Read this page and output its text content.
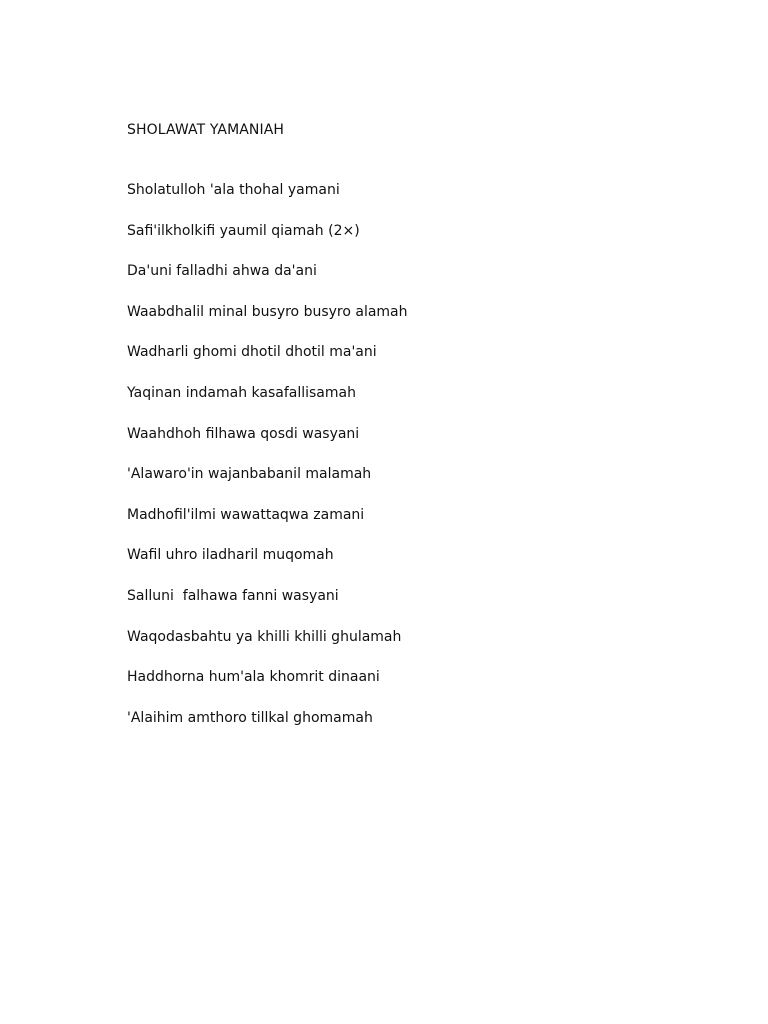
SHOLAWAT YAMANIAH
Sholatulloh 'ala thohal yamani
Safi'ilkholkifi yaumil qiamah (2×)
Da'uni falladhi ahwa da'ani
Waabdhalil minal busyro busyro alamah
Wadharli ghomi dhotil dhotil ma'ani
Yaqinan indamah kasafallisamah
Waahdhoh filhawa qosdi wasyani
'Alawaro'in wajanbabanil malamah
Madhofil'ilmi wawattaqwa zamani
Wafil uhro iladharil muqomah
Salluni  falhawa fanni wasyani
Waqodasbahtu ya khilli khilli ghulamah
Haddhorna hum'ala khomrit dinaani
'Alaihim amthoro tillkal ghomamah
